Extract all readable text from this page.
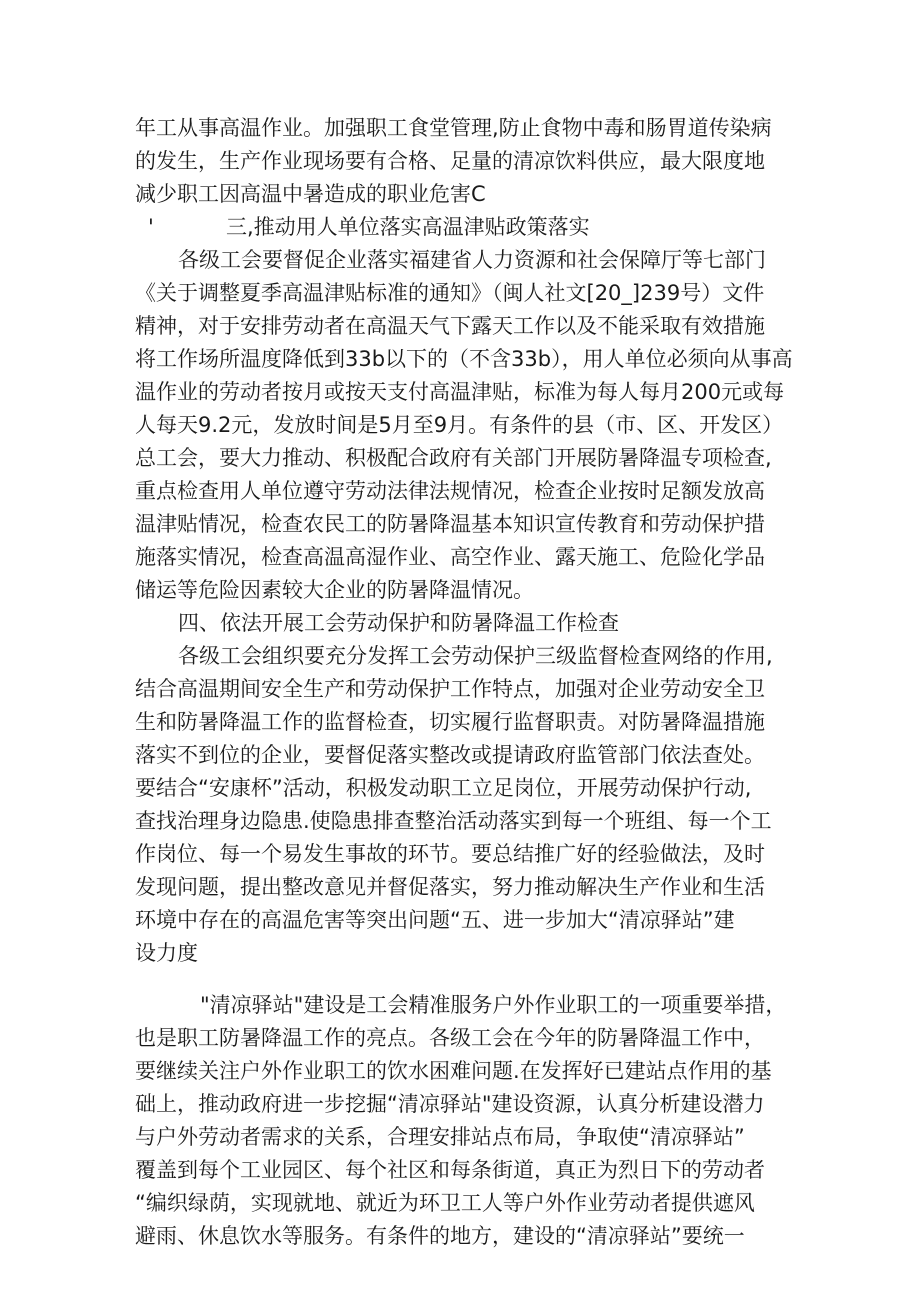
年工从事高温作业。加强职工食堂管理,防止食物中毒和肠胃道传染病
的发生，生产作业现场要有合格、足量的清凉饮料供应，最大限度地
减少职工因高温中暑造成的职业危害C
'	三,推动用人单位落实高温津贴政策落实
各级工会要督促企业落实福建省人力资源和社会保障厅等七部门
《关于调整夏季高温津贴标准的通知》（闽人社文[20_]239号）文件
精神，对于安排劳动者在高温天气下露天工作以及不能采取有效措施
将工作场所温度降低到33b以下的（不含33b），用人单位必须向从事高
温作业的劳动者按月或按天支付高温津贴，标准为每人每月200元或每
人每天9.2元，发放时间是5月至9月。有条件的县（市、区、开发区）
总工会，要大力推动、积极配合政府有关部门开展防暑降温专项检查,
重点检查用人单位遵守劳动法律法规情况，检查企业按时足额发放高
温津贴情况，检查农民工的防暑降温基本知识宣传教育和劳动保护措
施落实情况，检查高温高湿作业、高空作业、露天施工、危险化学品
储运等危险因素较大企业的防暑降温情况。
四、依法开展工会劳动保护和防暑降温工作检查
各级工会组织要充分发挥工会劳动保护三级监督检查网络的作用,
结合高温期间安全生产和劳动保护工作特点，加强对企业劳动安全卫
生和防暑降温工作的监督检查，切实履行监督职责。对防暑降温措施
落实不到位的企业，要督促落实整改或提请政府监管部门依法查处。
要结合“安康杯”活动，积极发动职工立足岗位，开展劳动保护行动,
查找治理身边隐患.使隐患排查整治活动落实到每一个班组、每一个工
作岗位、每一个易发生事故的环节。要总结推广好的经验做法，及时
发现问题，提出整改意见并督促落实，努力推动解决生产作业和生活
环境中存在的高温危害等突出问题“五、进一步加大“清凉驿站”建
设力度
"清凉驿站"建设是工会精准服务户外作业职工的一项重要举措，
也是职工防暑降温工作的亮点。各级工会在今年的防暑降温工作中，
要继续关注户外作业职工的饮水困难问题.在发挥好已建站点作用的基
础上，推动政府进一步挖掘“清凉驿站"建设资源，认真分析建设潜力
与户外劳动者需求的关系，合理安排站点布局，争取使“清凉驿站”
覆盖到每个工业园区、每个社区和每条街道，真正为烈日下的劳动者
“编织绿荫，实现就地、就近为环卫工人等户外作业劳动者提供遮风
避雨、休息饮水等服务。有条件的地方，建设的“清凉驿站”要统一
